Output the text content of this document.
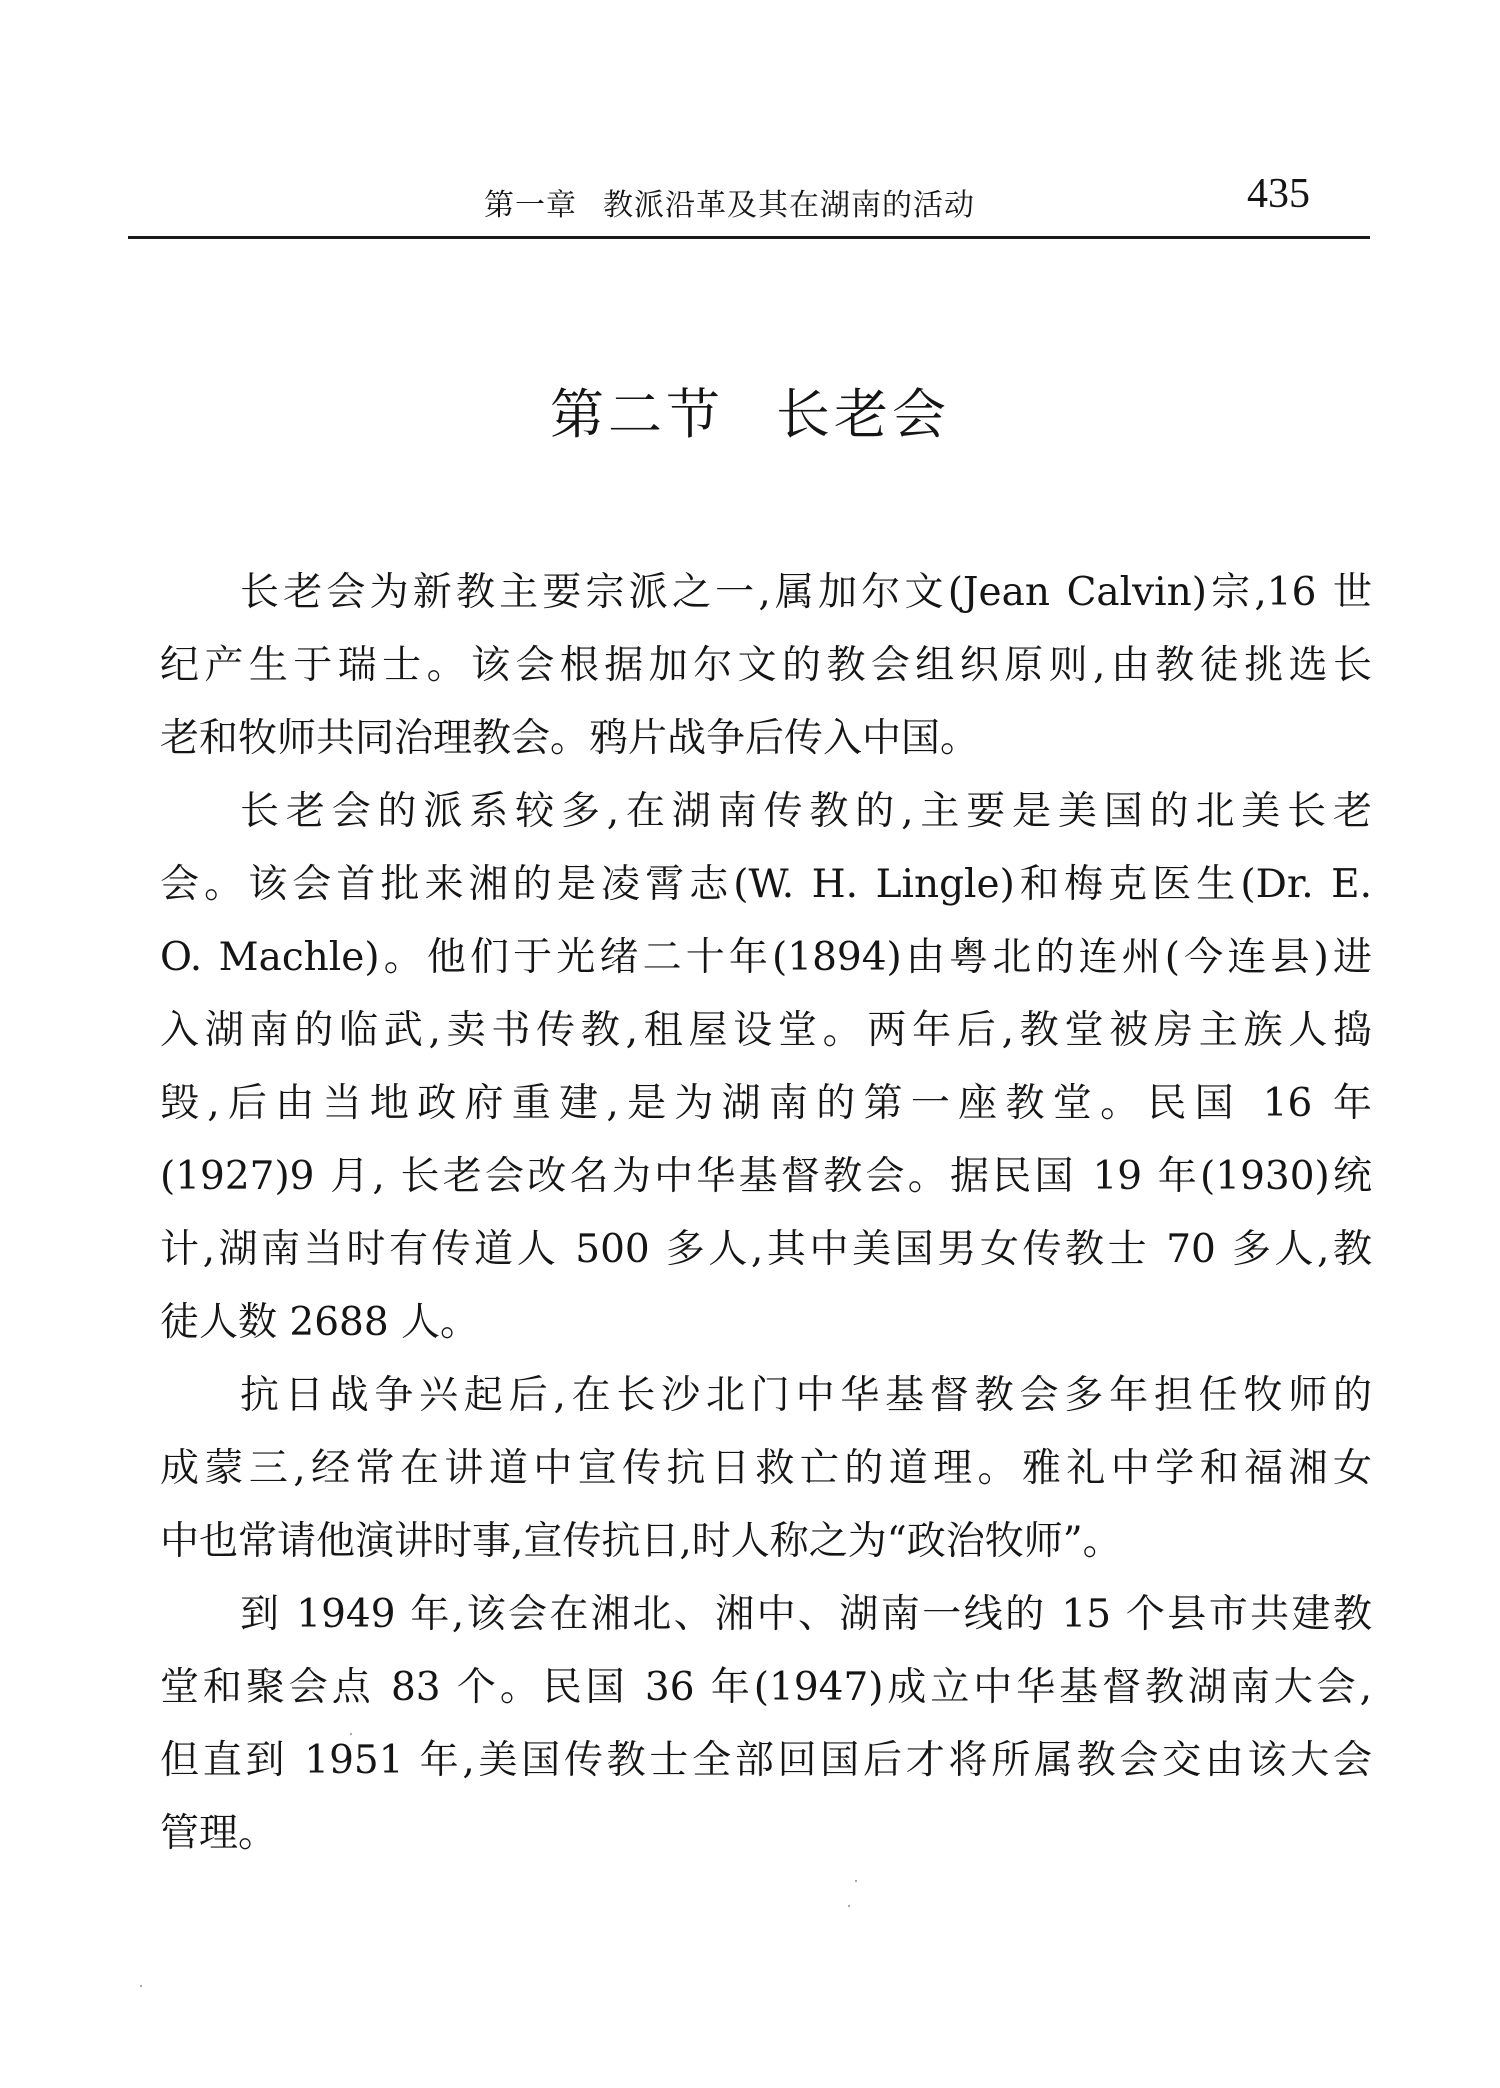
第一章 教派沿革及其在湖南的活动	435
第二节 长老会
长老会为新教主要宗派之一,属加尔文(Jean Calvin)宗,16 世
纪产生于瑞士。该会根据加尔文的教会组织原则,由教徒挑选长
老和牧师共同治理教会。鸦片战争后传入中国。
长老会的派系较多,在湖南传教的,主要是美国的北美长老
会。该会首批来湘的是凌霄志(W. H. Lingle)和梅克医生(Dr. E.
O. Machle)。他们于光绪二十年(1894)由粤北的连州(今连县)进
入湖南的临武,卖书传教,租屋设堂。两年后,教堂被房主族人捣
毁,后由当地政府重建,是为湖南的第一座教堂。民国 16 年
(1927)9 月, 长老会改名为中华基督教会。据民国 19 年(1930)统
计,湖南当时有传道人 500 多人,其中美国男女传教士 70 多人,教
徒人数 2688 人。
抗日战争兴起后,在长沙北门中华基督教会多年担任牧师的
成蒙三,经常在讲道中宣传抗日救亡的道理。雅礼中学和福湘女
中也常请他演讲时事,宣传抗日,时人称之为“政治牧师”。
到 1949 年,该会在湘北、湘中、湖南一线的 15 个县市共建教
堂和聚会点 83 个。民国 36 年(1947)成立中华基督教湖南大会,
但直到 1951 年,美国传教士全部回国后才将所属教会交由该大会
管理。
